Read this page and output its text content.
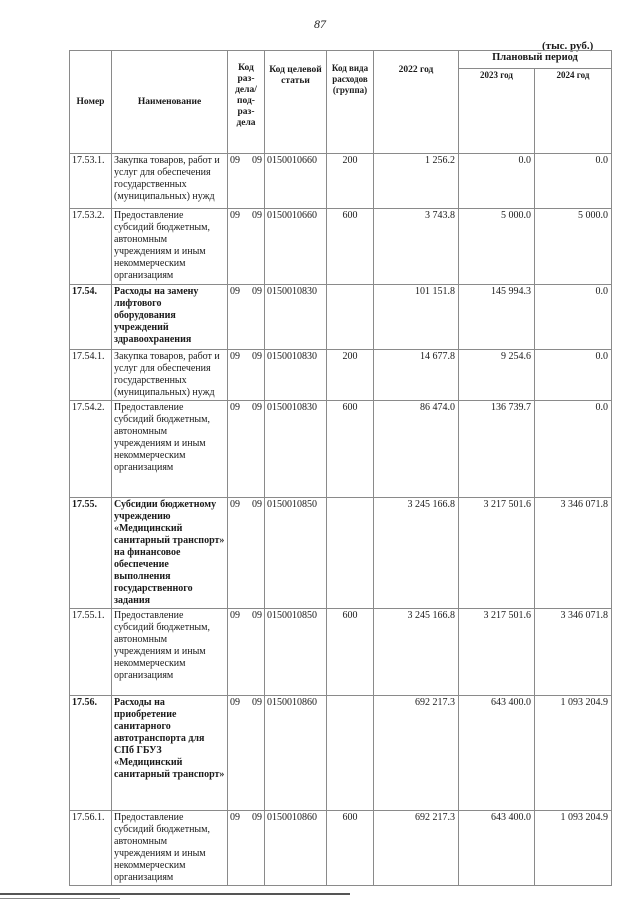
87
(тыс. руб.)
Номер	Наименование	Код раз-дела/ под-раз-дела	Код целевой статьи	Код вида расходов (группа)	2022 год	Плановый период	
						2023 год	2024 год
17.53.1.	Закупка товаров, работ и услуг для обеспечения государственных (муниципальных) нужд	09 09	0150010660	200	1 256.2	0.0	0.0
17.53.2.	Предоставление субсидий бюджетным, автономным учреждениям и иным некоммерческим организациям	09 09	0150010660	600	3 743.8	5 000.0	5 000.0
17.54.	Расходы на замену лифтового оборудования учреждений здравоохранения	09 09	0150010830		101 151.8	145 994.3	0.0
17.54.1.	Закупка товаров, работ и услуг для обеспечения государственных (муниципальных) нужд	09 09	0150010830	200	14 677.8	9 254.6	0.0
17.54.2.	Предоставление субсидий бюджетным, автономным учреждениям и иным некоммерческим организациям	09 09	0150010830	600	86 474.0	136 739.7	0.0
17.55.	Субсидии бюджетному учреждению «Медицинский санитарный транспорт» на финансовое обеспечение выполнения государственного задания	09 09	0150010850		3 245 166.8	3 217 501.6	3 346 071.8
17.55.1.	Предоставление субсидий бюджетным, автономным учреждениям и иным некоммерческим организациям	09 09	0150010850	600	3 245 166.8	3 217 501.6	3 346 071.8
17.56.	Расходы на приобретение санитарного автотранспорта для СПб ГБУЗ «Медицинский санитарный транспорт»	09 09	0150010860		692 217.3	643 400.0	1 093 204.9
17.56.1.	Предоставление субсидий бюджетным, автономным учреждениям и иным некоммерческим организациям	09 09	0150010860	600	692 217.3	643 400.0	1 093 204.9
